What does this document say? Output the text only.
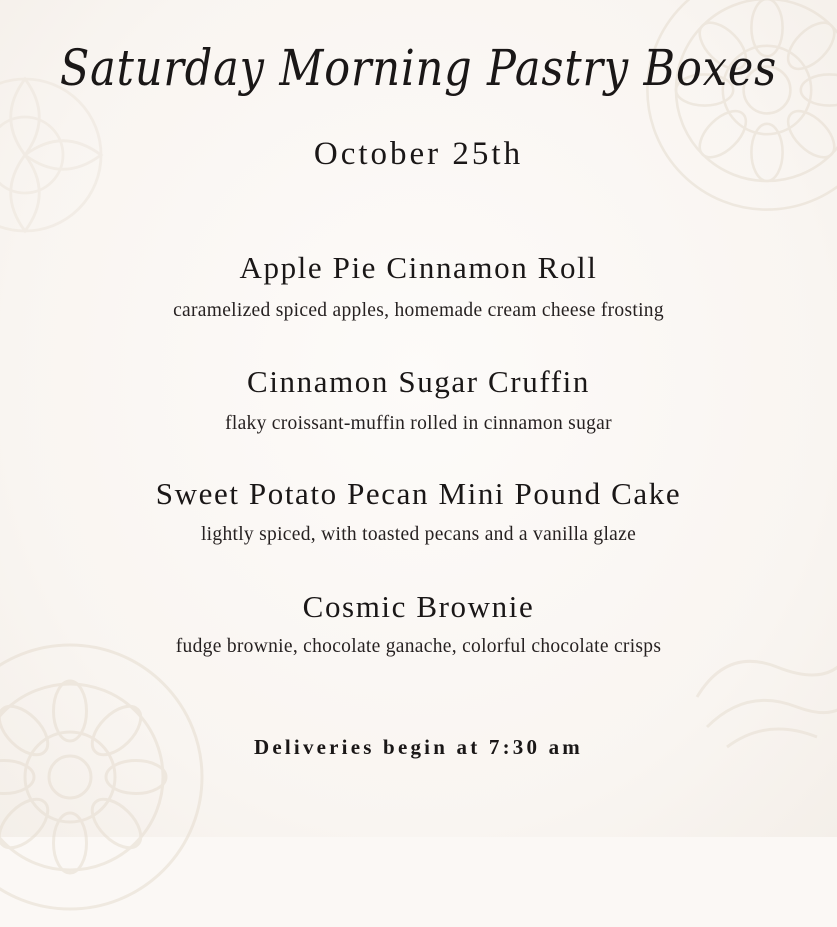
Saturday Morning Pastry Boxes
October 25th
Apple Pie Cinnamon Roll
caramelized spiced apples, homemade cream cheese frosting
Cinnamon Sugar Cruffin
flaky croissant-muffin rolled in cinnamon sugar
Sweet Potato Pecan Mini Pound Cake
lightly spiced, with toasted pecans and a vanilla glaze
Cosmic Brownie
fudge brownie, chocolate ganache, colorful chocolate crisps
Deliveries begin at 7:30 am
